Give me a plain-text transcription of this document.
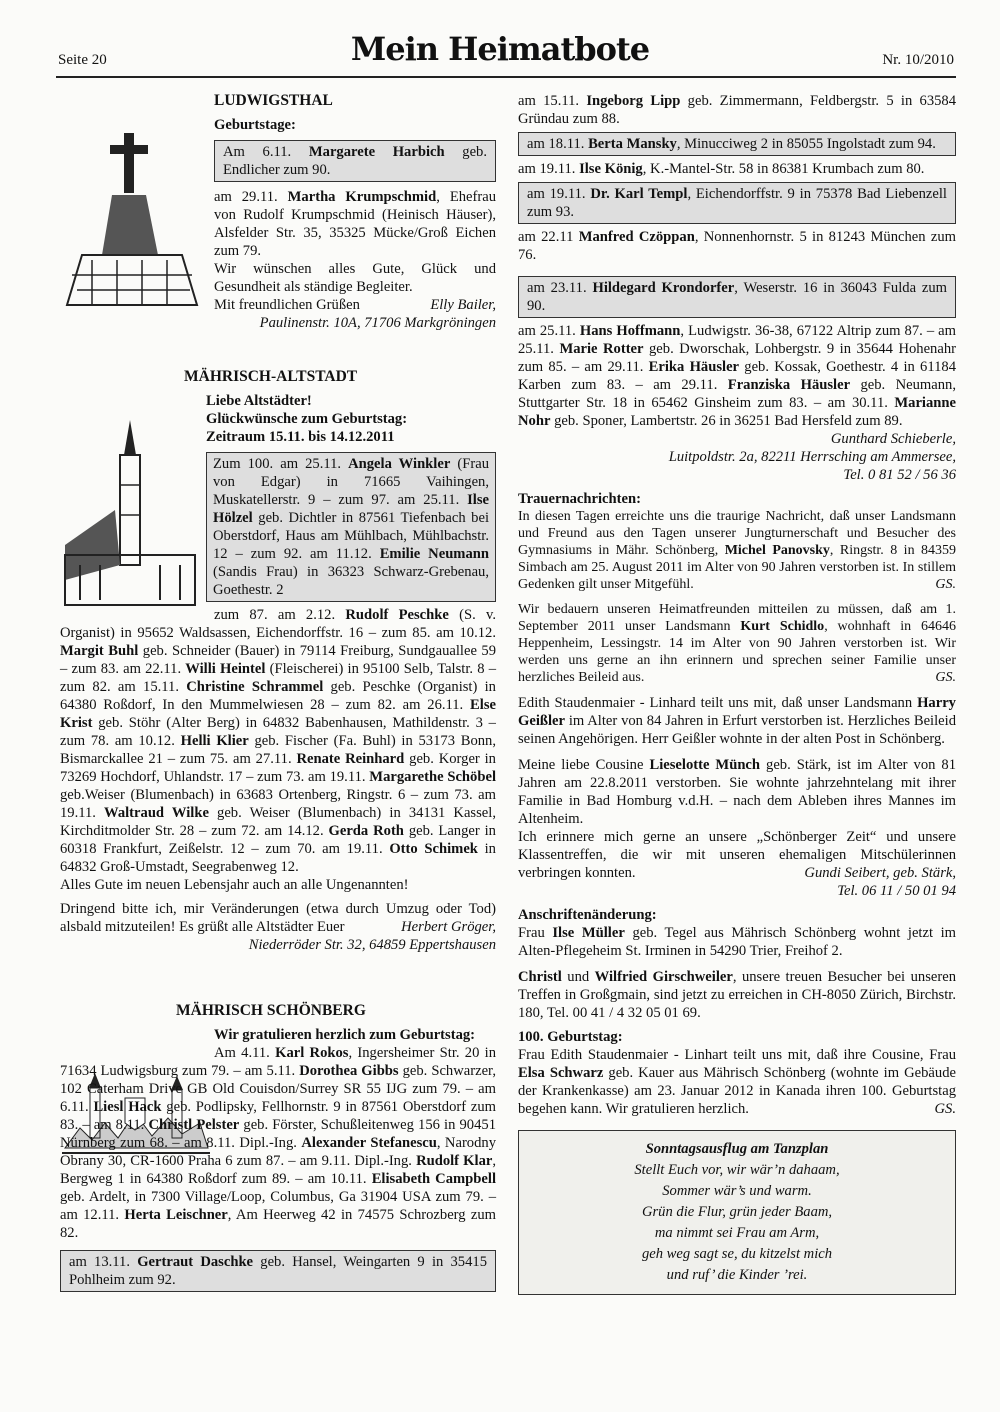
Seite 20	Mein Heimatbote	Nr. 10/2010

LUDWIGSTHAL

Geburtstage:

Am 6.11. Margarete Harbich geb. Endlicher zum 90.

am 29.11. Martha Krumpschmid, Ehefrau von Rudolf Krumpschmid (Heinisch Häuser), Alsfelder Str. 35, 35325 Mücke/Groß Eichen zum 79.

Wir wünschen alles Gute, Glück und Gesundheit als ständige Begleiter.

Mit freundlichen Grüßen	Elly Bailer,

Paulinenstr. 10A, 71706 Markgröningen

MÄHRISCH-ALTSTADT

Liebe Altstädter!

Glückwünsche zum Geburtstag:

Zeitraum 15.11. bis 14.12.2011

Zum 100. am 25.11. Angela Winkler (Frau von Edgar) in 71665 Vaihingen, Muskatellerstr. 9 – zum 97. am 25.11. Ilse Hölzel geb. Dichtler in 87561 Tiefenbach bei Oberstdorf, Haus am Mühlbach, Mühlbachstr. 12 – zum 92. am 11.12. Emilie Neumann (Sandis Frau) in 36323 Schwarz-Grebenau, Goethestr. 2

zum 87. am 2.12. Rudolf Peschke (S. v. Organist) in 95652 Waldsassen, Eichendorffstr. 16 – zum 85. am 10.12. Margit Buhl geb. Schneider (Bauer) in 79114 Freiburg, Sundgauallee 59 – zum 83. am 22.11. Willi Heintel (Fleischerei) in 95100 Selb, Talstr. 8 – zum 82. am 15.11. Christine Schrammel geb. Peschke (Organist) in 64380 Roßdorf, In den Mummelwiesen 28 – zum 82. am 26.11. Else Krist geb. Stöhr (Alter Berg) in 64832 Babenhausen, Mathildenstr. 3 – zum 78. am 10.12. Helli Klier geb. Fischer (Fa. Buhl) in 53173 Bonn, Bismarckallee 21 – zum 75. am 27.11. Renate Reinhard geb. Korger in 73269 Hochdorf, Uhlandstr. 17 – zum 73. am 19.11. Margarethe Schöbel geb.Weiser (Blumenbach) in 63683 Ortenberg, Ringstr. 6 – zum 73. am 19.11. Waltraud Wilke geb. Weiser (Blumenbach) in 34131 Kassel, Kirchditmolder Str. 28 – zum 72. am 14.12. Gerda Roth geb. Langer in 60318 Frankfurt, Zeißelstr. 12 – zum 70. am 19.11. Otto Schimek in 64832 Groß-Umstadt, Seegrabenweg 12.

Alles Gute im neuen Lebensjahr auch an alle Ungenannten!

Dringend bitte ich, mir Veränderungen (etwa durch Umzug oder Tod) alsbald mitzuteilen! Es grüßt alle Altstädter Euer	Herbert Gröger,

Niederröder Str. 32, 64859 Eppertshausen

MÄHRISCH SCHÖNBERG

Wir gratulieren herzlich zum Geburtstag:

Am 4.11. Karl Rokos, Ingersheimer Str. 20 in 71634 Ludwigsburg zum 79. – am 5.11. Dorothea Gibbs geb. Schwarzer, 102 Caterham Drive GB Old Couisdon/Surrey SR 55 IJG zum 79. – am 6.11. Liesl Hack geb. Podlipsky, Fellhornstr. 9 in 87561 Oberstdorf zum 83. – am 8.11. Christl Pelster geb. Förster, Schußleitenweg 156 in 90451 Nürnberg zum 68. – am 8.11. Dipl.-Ing. Alexander Stefanescu, Narodny Obrany 30, CR-1600 Praha 6 zum 87. – am 9.11. Dipl.-Ing. Rudolf Klar, Bergweg 1 in 64380 Roßdorf zum 89. – am 10.11. Elisabeth Campbell geb. Ardelt, in 7300 Village/Loop, Columbus, Ga 31904 USA zum 79. – am 12.11. Herta Leischner, Am Heerweg 42 in 74575 Schrozberg zum 82.

am 13.11. Gertraut Daschke geb. Hansel, Weingarten 9 in 35415 Pohlheim zum 92.

am 15.11. Ingeborg Lipp geb. Zimmermann, Feldbergstr. 5 in 63584 Gründau zum 88.

am 18.11. Berta Mansky, Minucciweg 2 in 85055 Ingolstadt zum 94.

am 19.11. Ilse König, K.-Mantel-Str. 58 in 86381 Krumbach zum 80.

am 19.11. Dr. Karl Templ, Eichendorffstr. 9 in 75378 Bad Liebenzell zum 93.

am 22.11 Manfred Czöppan, Nonnenhornstr. 5 in 81243 München zum 76.

am 23.11. Hildegard Krondorfer, Weserstr. 16 in 36043 Fulda zum 90.

am 25.11. Hans Hoffmann, Ludwigstr. 36-38, 67122 Altrip zum 87. – am 25.11. Marie Rotter geb. Dworschak, Lohbergstr. 9 in 35644 Hohenahr zum 85. – am 29.11. Erika Häusler geb. Kossak, Goethestr. 4 in 61184 Karben zum 83. – am 29.11. Franziska Häusler geb. Neumann, Stuttgarter Str. 18 in 65462 Ginsheim zum 83. – am 30.11. Marianne Nohr geb. Sponer, Lambertstr. 26 in 36251 Bad Hersfeld zum 89.
Gunthard Schieberle,

Luitpoldstr. 2a, 82211 Herrsching am Ammersee,

Tel. 0 81 52 / 56 36

Trauernachrichten:

In diesen Tagen erreichte uns die traurige Nachricht, daß unser Landsmann und Freund aus den Tagen unserer Jungturnerschaft und Besucher des Gymnasiums in Mähr. Schönberg, Michel Panovsky, Ringstr. 8 in 84359 Simbach am 25. August 2011 im Alter von 90 Jahren verstorben ist. In stillem Gedenken gilt unser Mitgefühl.	GS.

Wir bedauern unseren Heimatfreunden mitteilen zu müssen, daß am 1. September 2011 unser Landsmann Kurt Schidlo, wohnhaft in 64646 Heppenheim, Lessingstr. 14 im Alter von 90 Jahren verstorben ist. Wir werden uns gerne an ihn erinnern und sprechen seiner Familie unser herzliches Beileid aus.	GS.

Edith Staudenmaier - Linhard teilt uns mit, daß unser Landsmann Harry Geißler im Alter von 84 Jahren in Erfurt verstorben ist. Herzliches Beileid seinen Angehörigen. Herr Geißler wohnte in der alten Post in Schönberg.

Meine liebe Cousine Lieselotte Münch geb. Stärk, ist im Alter von 81 Jahren am 22.8.2011 verstorben. Sie wohnte jahrzehntelang mit ihrer Familie in Bad Homburg v.d.H. – nach dem Ableben ihres Mannes im Altenheim.

Ich erinnere mich gerne an unsere „Schönberger Zeit“ und unsere Klassentreffen, die wir mit unseren ehemaligen Mitschülerinnen verbringen konnten.	Gundi Seibert, geb. Stärk,

Tel. 06 11 / 50 01 94

Anschriftenänderung:

Frau Ilse Müller geb. Tegel aus Mährisch Schönberg wohnt jetzt im Alten-Pflegeheim St. Irminen in 54290 Trier, Freihof 2.

Christl und Wilfried Girschweiler, unsere treuen Besucher bei unseren Treffen in Großgmain, sind jetzt zu erreichen in CH-8050 Zürich, Birchstr. 180, Tel. 00 41 / 4 32 05 01 69.

100. Geburtstag:

Frau Edith Staudenmaier - Linhart teilt uns mit, daß ihre Cousine, Frau Elsa Schwarz geb. Kauer aus Mährisch Schönberg (wohnte im Gebäude der Krankenkasse) am 23. Januar 2012 in Kanada ihren 100. Geburtstag begehen kann. Wir gratulieren herzlich.	GS.

Sonntagsausflug am Tanzplan
Stellt Euch vor, wir wär’n dahaam,
Sommer wär’s und warm.
Grün die Flur, grün jeder Baam,
ma nimmt sei Frau am Arm,
geh weg sagt se, du kitzelst mich
und ruf’ die Kinder ’rei.
